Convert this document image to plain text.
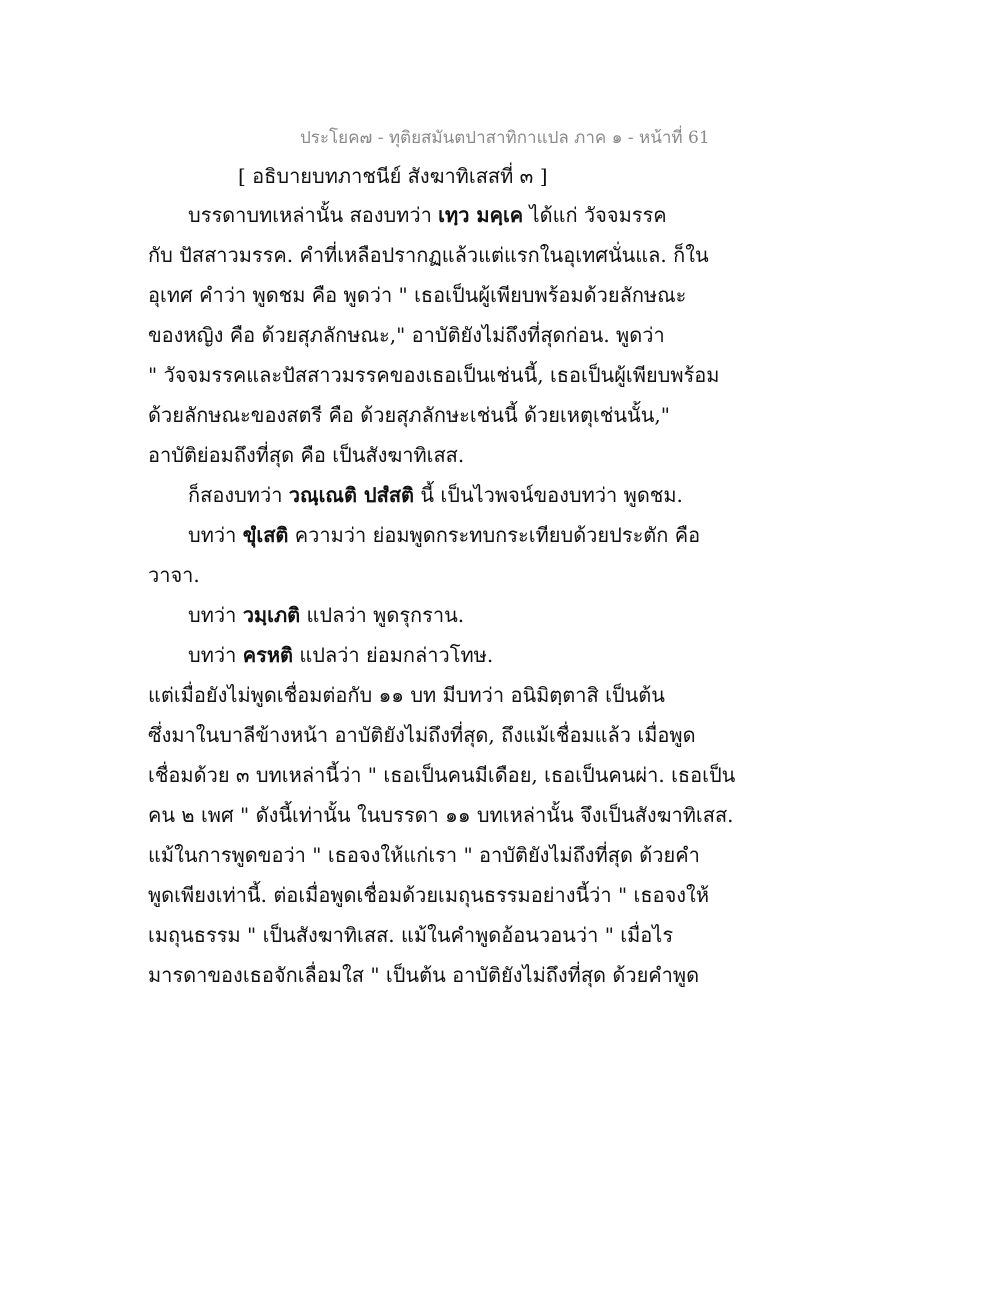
ประโยค๗ - ทุติยสมันตปาสาทิกาแปล ภาค ๑ - หน้าที่ 61
[ อธิบายบทภาชนีย์ สังฆาทิเสสที่ ๓ ]
บรรดาบทเหล่านั้น สองบทว่า เทฺว มคฺเค ได้แก่ วัจจมรรค
กับ ปัสสาวมรรค. คำที่เหลือปรากฏแล้วแต่แรกในอุเทศนั่นแล. ก็ใน
อุเทศ คำว่า พูดชม คือ พูดว่า " เธอเป็นผู้เพียบพร้อมด้วยลักษณะ
ของหญิง คือ ด้วยสุภลักษณะ," อาบัติยังไม่ถึงที่สุดก่อน. พูดว่า
" วัจจมรรคและปัสสาวมรรคของเธอเป็นเช่นนี้, เธอเป็นผู้เพียบพร้อม
ด้วยลักษณะของสตรี คือ ด้วยสุภลักษะเช่นนี้ ด้วยเหตุเช่นนั้น,"
อาบัติย่อมถึงที่สุด คือ เป็นสังฆาทิเสส.
ก็สองบทว่า วณฺเณติ ปสํสติ นี้ เป็นไวพจน์ของบทว่า พูดชม.
บทว่า ขุํเสติ ความว่า ย่อมพูดกระทบกระเทียบด้วยประตัก คือ
วาจา.
บทว่า วมฺเภติ แปลว่า พูดรุกราน.
บทว่า ครหติ แปลว่า ย่อมกล่าวโทษ.
แต่เมื่อยังไม่พูดเชื่อมต่อกับ ๑๑ บท มีบทว่า อนิมิตฺตาสิ เป็นต้น
ซึ่งมาในบาลีข้างหน้า อาบัติยังไม่ถึงที่สุด, ถึงแม้เชื่อมแล้ว เมื่อพูด
เชื่อมด้วย ๓ บทเหล่านี้ว่า " เธอเป็นคนมีเดือย, เธอเป็นคนผ่า. เธอเป็น
คน ๒ เพศ " ดังนี้เท่านั้น ในบรรดา ๑๑ บทเหล่านั้น จึงเป็นสังฆาทิเสส.
แม้ในการพูดขอว่า " เธอจงให้แก่เรา " อาบัติยังไม่ถึงที่สุด ด้วยคำ
พูดเพียงเท่านี้. ต่อเมื่อพูดเชื่อมด้วยเมถุนธรรมอย่างนี้ว่า " เธอจงให้
เมถุนธรรม " เป็นสังฆาทิเสส. แม้ในคำพูดอ้อนวอนว่า " เมื่อไร
มารดาของเธอจักเลื่อมใส " เป็นต้น อาบัติยังไม่ถึงที่สุด ด้วยคำพูด
